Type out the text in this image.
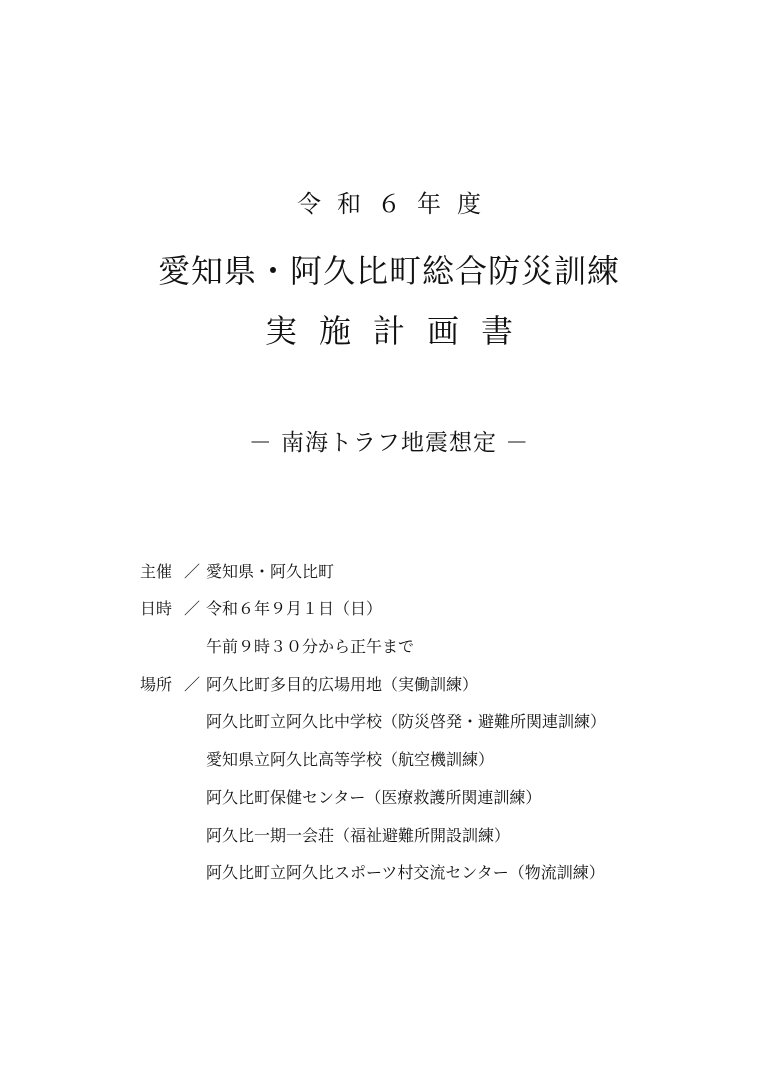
令和６年度
愛知県・阿久比町総合防災訓練
実施計画書
－ 南海トラフ地震想定 －
主催 ／ 愛知県・阿久比町
日時 ／ 令和６年９月１日（日）
午前９時３０分から正午まで
場所 ／ 阿久比町多目的広場用地（実働訓練）
阿久比町立阿久比中学校（防災啓発・避難所関連訓練）
愛知県立阿久比高等学校（航空機訓練）
阿久比町保健センター（医療救護所関連訓練）
阿久比一期一会荘（福祉避難所開設訓練）
阿久比町立阿久比スポーツ村交流センター（物流訓練）
